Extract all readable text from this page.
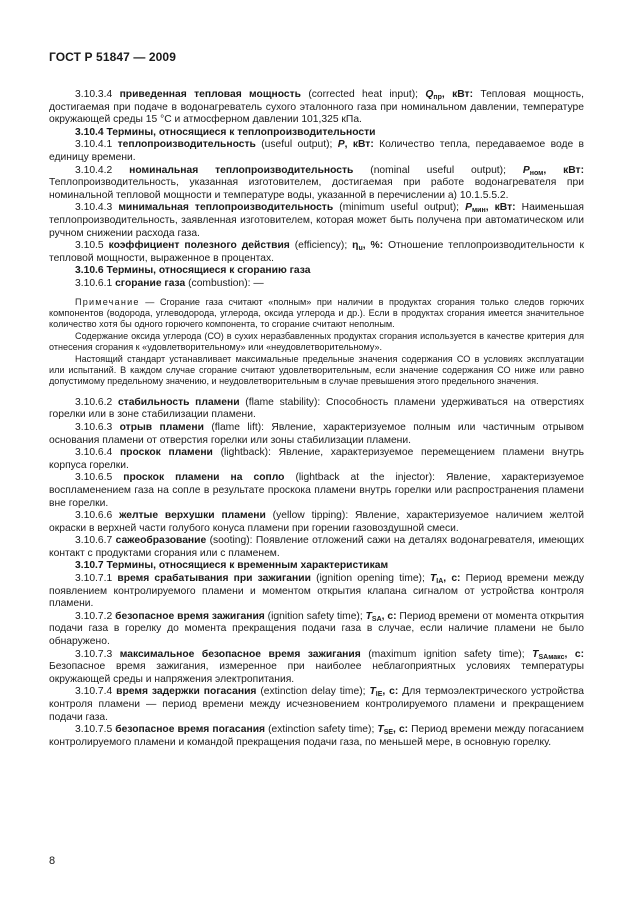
ГОСТ Р 51847 — 2009

3.10.3.4 приведенная тепловая мощность (corrected heat input); $Q_{пр}$, кВт: Тепловая мощность, достигаемая при подаче в водонагреватель сухого эталонного газа при номинальном давлении, температуре окружающей среды 15 °С и атмосферном давлении 101,325 кПа.

3.10.4 Термины, относящиеся к теплопроизводительности

3.10.4.1 теплопроизводительность (useful output); P, кВт: Количество тепла, передаваемое воде в единицу времени.

3.10.4.2 номинальная теплопроизводительность (nominal useful output); $P_{ном}$, кВт: Теплопроизводительность, указанная изготовителем, достигаемая при работе водонагревателя при номинальной тепловой мощности и температуре воды, указанной в перечислении а) 10.1.5.5.2.

3.10.4.3 минимальная теплопроизводительность (minimum useful output); $P_{мин}$, кВт: Наименьшая теплопроизводительность, заявленная изготовителем, которая может быть получена при автоматическом или ручном снижении расхода газа.

3.10.5 коэффициент полезного действия (efficiency); $\eta_u$, %: Отношение теплопроизводительности к тепловой мощности, выраженное в процентах.

3.10.6 Термины, относящиеся к сгоранию газа

3.10.6.1 сгорание газа (combustion): —

Примечание — Сгорание газа считают «полным» при наличии в продуктах сгорания только следов горючих компонентов (водорода, углеводорода, углерода, оксида углерода и др.). Если в продуктах сгорания имеется значительное количество хотя бы одного горючего компонента, то сгорание считают неполным.

Содержание оксида углерода (СО) в сухих неразбавленных продуктах сгорания используется в качестве критерия для отнесения сгорания к «удовлетворительному» или «неудовлетворительному».

Настоящий стандарт устанавливает максимальные предельные значения содержания СО в условиях эксплуатации или испытаний. В каждом случае сгорание считают удовлетворительным, если значение содержания СО ниже или равно допустимому предельному значению, и неудовлетворительным в случае превышения этого предельного значения.

3.10.6.2 стабильность пламени (flame stability): Способность пламени удерживаться на отверстиях горелки или в зоне стабилизации пламени.

3.10.6.3 отрыв пламени (flame lift): Явление, характеризуемое полным или частичным отрывом основания пламени от отверстия горелки или зоны стабилизации пламени.

3.10.6.4 проскок пламени (lightback): Явление, характеризуемое перемещением пламени внутрь корпуса горелки.

3.10.6.5 проскок пламени на сопло (lightback at the injector): Явление, характеризуемое воспламенением газа на сопле в результате проскока пламени внутрь горелки или распространения пламени вне горелки.

3.10.6.6 желтые верхушки пламени (yellow tipping): Явление, характеризуемое наличием желтой окраски в верхней части голубого конуса пламени при горении газовоздушной смеси.

3.10.6.7 сажеобразование (sooting): Появление отложений сажи на деталях водонагревателя, имеющих контакт с продуктами сгорания или с пламенем.

3.10.7 Термины, относящиеся к временным характеристикам

3.10.7.1 время срабатывания при зажигании (ignition opening time); $T_{IA}$, с: Период времени между появлением контролируемого пламени и моментом открытия клапана сигналом от устройства контроля пламени.

3.10.7.2 безопасное время зажигания (ignition safety time); $T_{SA}$, с: Период времени от момента открытия подачи газа в горелку до момента прекращения подачи газа в случае, если наличие пламени не было обнаружено.

3.10.7.3 максимальное безопасное время зажигания (maximum ignition safety time); $T_{SAмакс}$, с: Безопасное время зажигания, измеренное при наиболее неблагоприятных условиях температуры окружающей среды и напряжения электропитания.

3.10.7.4 время задержки погасания (extinction delay time); $T_{IE}$, с: Для термоэлектрического устройства контроля пламени — период времени между исчезновением контролируемого пламени и прекращением подачи газа.

3.10.7.5 безопасное время погасания (extinction safety time); $T_{SE}$, с: Период времени между погасанием контролируемого пламени и командой прекращения подачи газа, по меньшей мере, в основную горелку.

8
